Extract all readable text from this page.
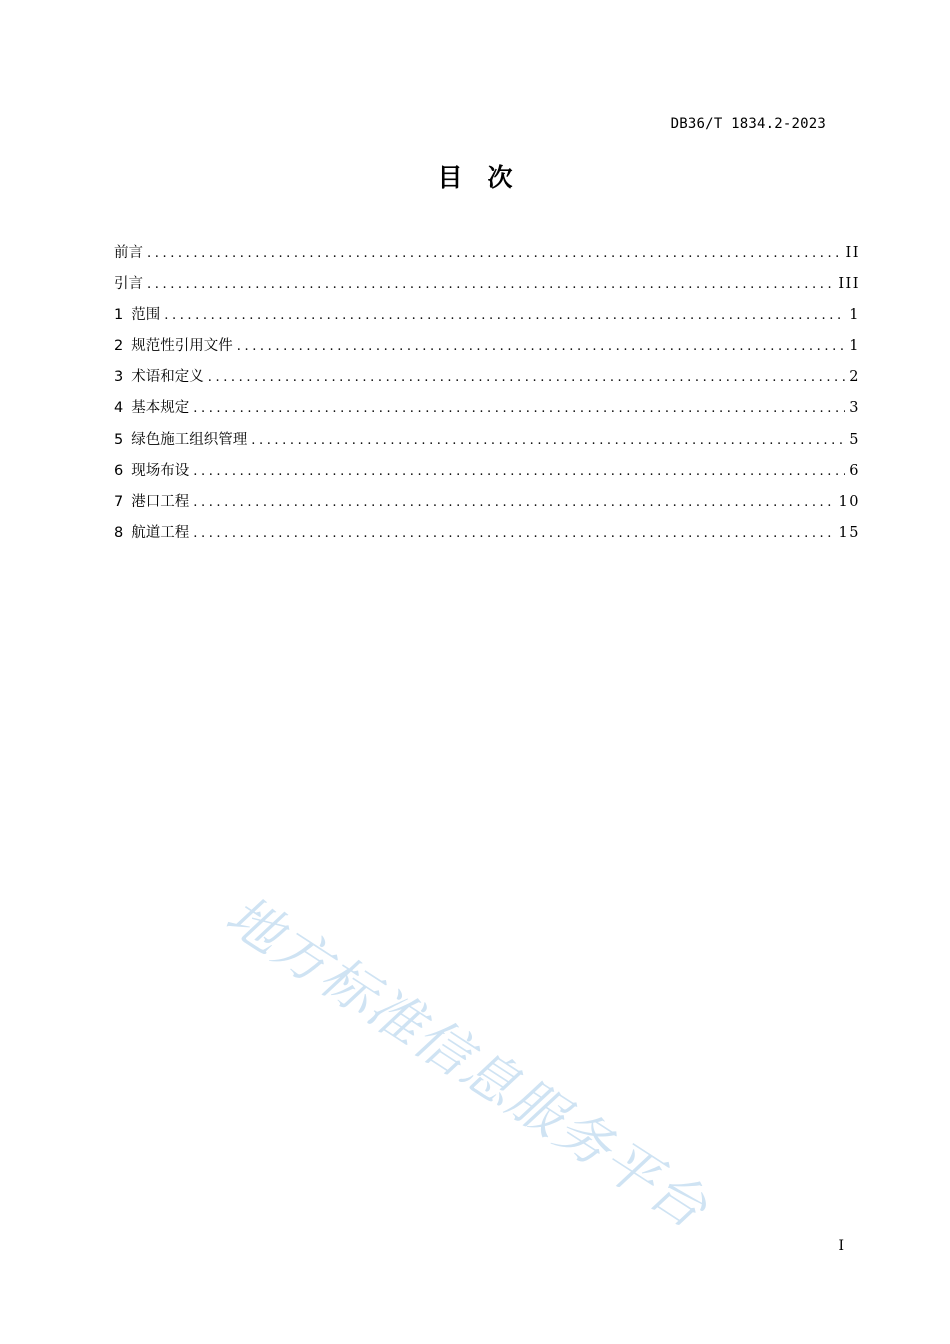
DB36/T 1834.2-2023
目 次
前言 .....	II
引言 .....	III
1 范围 .....	1
2 规范性引用文件 .....	1
3 术语和定义 .....	2
4 基本规定 .....	3
5 绿色施工组织管理 .....	5
6 现场布设 .....	6
7 港口工程 .....	10
8 航道工程 .....	15
地方标准信息服务平台
I
